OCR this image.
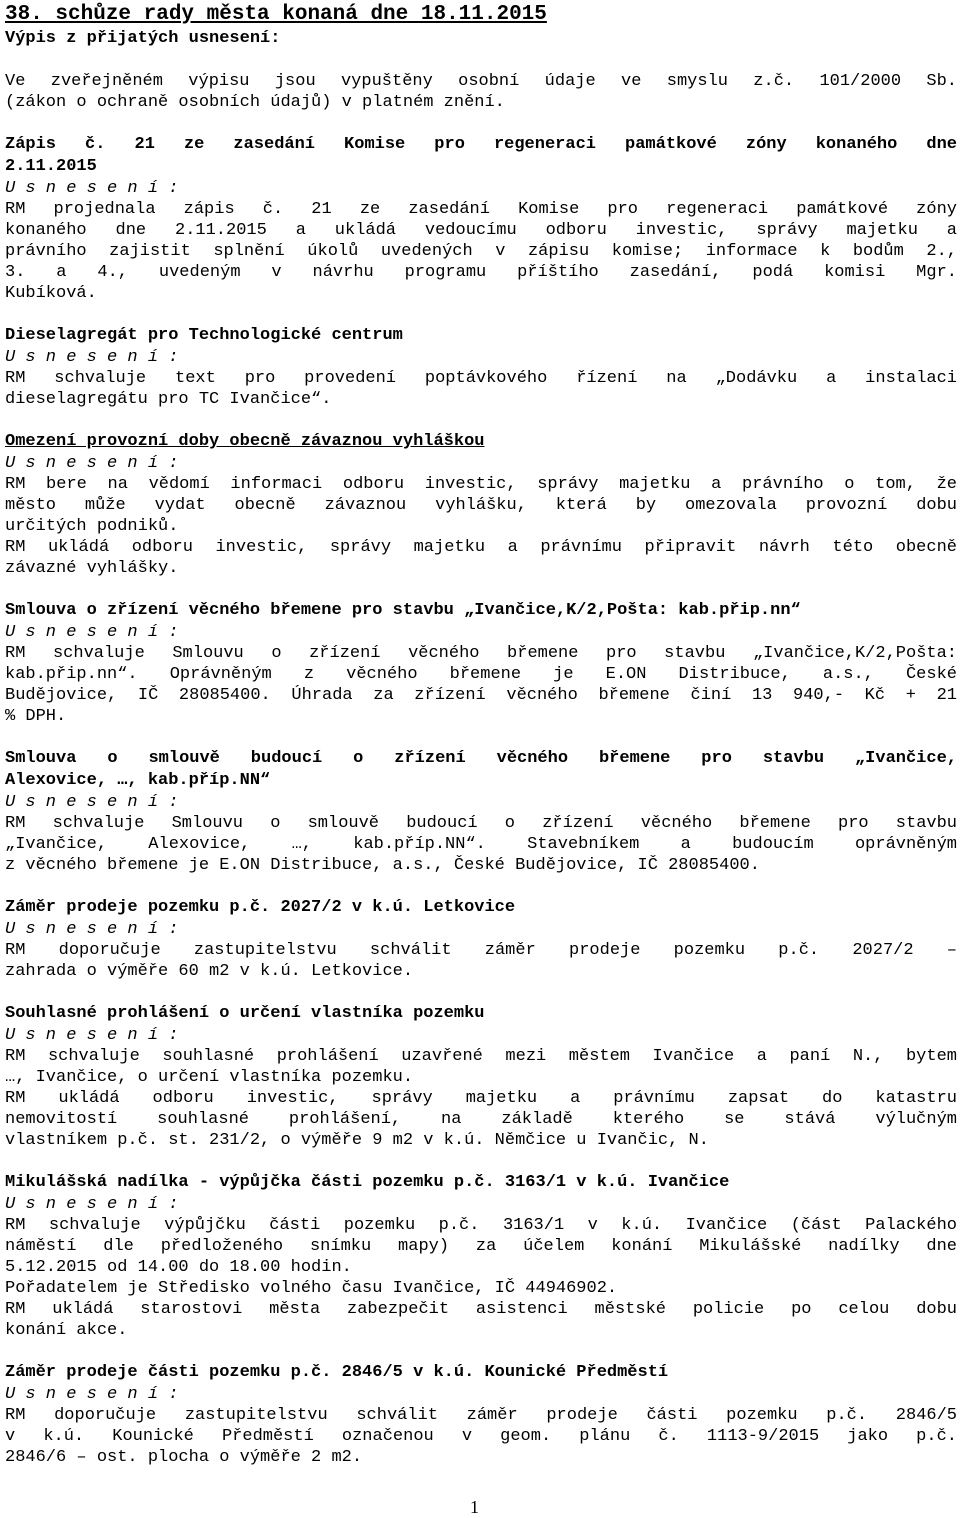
38. schůze rady města konaná dne 18.11.2015
Výpis z přijatých usnesení:
Ve zveřejněném výpisu jsou vypuštěny osobní údaje ve smyslu z.č. 101/2000 Sb.
(zákon o ochraně osobních údajů) v platném znění.
Zápis č. 21 ze zasedání Komise pro regeneraci památkové zóny konaného dne
2.11.2015
U s n e s e n í :
RM projednala zápis č. 21 ze zasedání Komise pro regeneraci památkové zóny
konaného dne 2.11.2015 a ukládá vedoucímu odboru investic, správy majetku a
právního zajistit splnění úkolů uvedených v zápisu komise; informace k bodům 2.,
3. a 4., uvedeným v návrhu programu příštího zasedání, podá komisi Mgr.
Kubíková.
Dieselagregát pro Technologické centrum
U s n e s e n í :
RM schvaluje text pro provedení poptávkového řízení na „Dodávku a instalaci
dieselagregátu pro TC Ivančice“.
Omezení provozní doby obecně závaznou vyhláškou
U s n e s e n í :
RM bere na vědomí informaci odboru investic, správy majetku a právního o tom, že
město může vydat obecně závaznou vyhlášku, která by omezovala provozní dobu
určitých podniků.
RM ukládá odboru investic, správy majetku a právnímu připravit návrh této obecně
závazné vyhlášky.
Smlouva o zřízení věcného břemene pro stavbu „Ivančice,K/2,Pošta: kab.přip.nn“
U s n e s e n í :
RM schvaluje Smlouvu o zřízení věcného břemene pro stavbu „Ivančice,K/2,Pošta:
kab.přip.nn“. Oprávněným z věcného břemene je E.ON Distribuce, a.s., České
Budějovice, IČ 28085400. Úhrada za zřízení věcného břemene činí 13 940,- Kč + 21
% DPH.
Smlouva o smlouvě budoucí o zřízení věcného břemene pro stavbu „Ivančice,
Alexovice, …, kab.příp.NN“
U s n e s e n í :
RM schvaluje Smlouvu o smlouvě budoucí o zřízení věcného břemene pro stavbu
„Ivančice, Alexovice, …, kab.příp.NN“. Stavebníkem a budoucím oprávněným
z věcného břemene je E.ON Distribuce, a.s., České Budějovice, IČ 28085400.
Záměr prodeje pozemku p.č. 2027/2 v k.ú. Letkovice
U s n e s e n í :
RM doporučuje zastupitelstvu schválit záměr prodeje pozemku p.č. 2027/2 –
zahrada o výměře 60 m2 v k.ú. Letkovice.
Souhlasné prohlášení o určení vlastníka pozemku
U s n e s e n í :
RM schvaluje souhlasné prohlášení uzavřené mezi městem Ivančice a paní N., bytem
…, Ivančice, o určení vlastníka pozemku.
RM ukládá odboru investic, správy majetku a právnímu zapsat do katastru
nemovitostí souhlasné prohlášení, na základě kterého se stává výlučným
vlastníkem p.č. st. 231/2, o výměře 9 m2 v k.ú. Němčice u Ivančic, N.
Mikulášská nadílka - výpůjčka části pozemku p.č. 3163/1 v k.ú. Ivančice
U s n e s e n í :
RM schvaluje výpůjčku části pozemku p.č. 3163/1 v k.ú. Ivančice (část Palackého
náměstí dle předloženého snímku mapy) za účelem konání Mikulášské nadílky dne
5.12.2015 od 14.00 do 18.00 hodin.
Pořadatelem je Středisko volného času Ivančice, IČ 44946902.
RM ukládá starostovi města zabezpečit asistenci městské policie po celou dobu
konání akce.
Záměr prodeje části pozemku p.č. 2846/5 v k.ú. Kounické Předměstí
U s n e s e n í :
RM doporučuje zastupitelstvu schválit záměr prodeje části pozemku p.č. 2846/5
v k.ú. Kounické Předměstí označenou v geom. plánu č. 1113-9/2015 jako p.č.
2846/6 – ost. plocha o výměře 2 m2.
1
